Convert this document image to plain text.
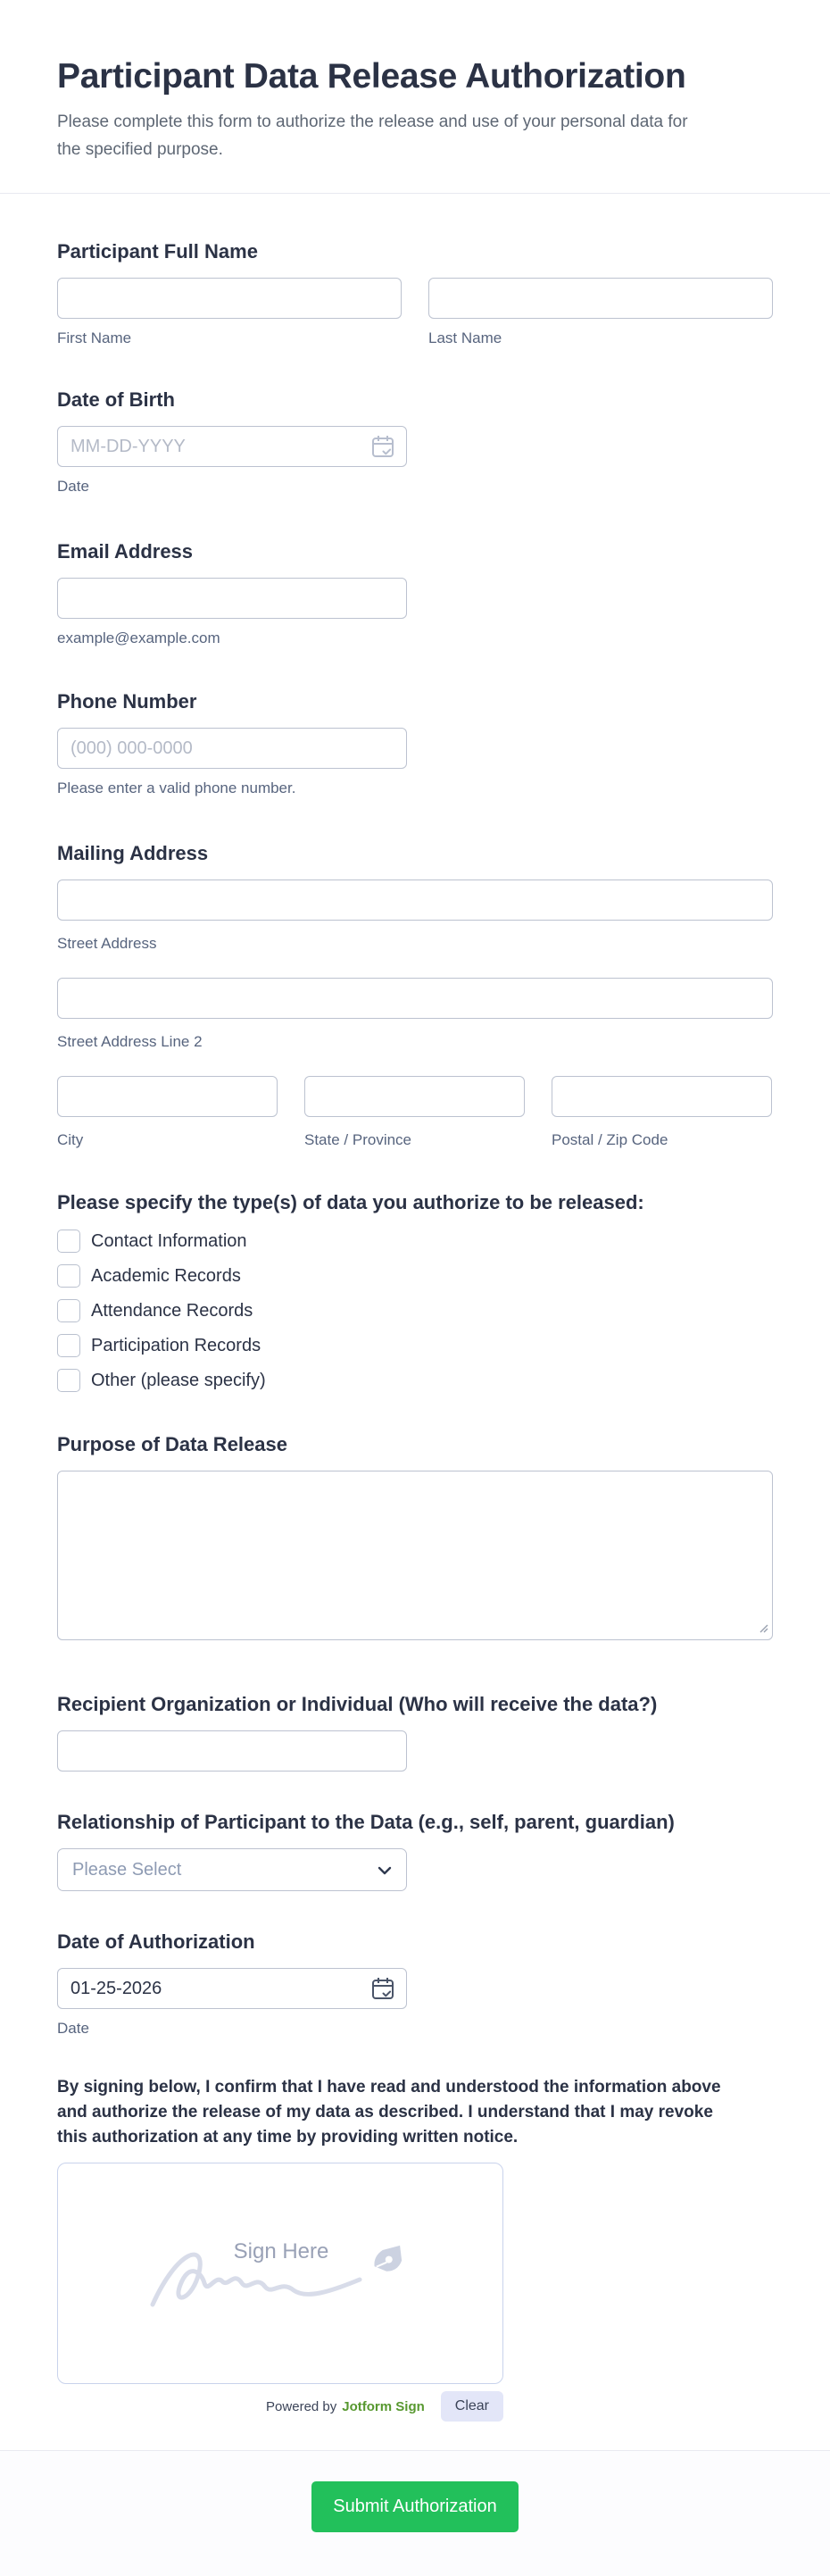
Participant Data Release Authorization
Please complete this form to authorize the release and use of your personal data for
the specified purpose.
Participant Full Name
First Name	Last Name
Date of Birth
MM-DD-YYYY
Date
Email Address
example@example.com
Phone Number
(000) 000-0000
Please enter a valid phone number.
Mailing Address
Street Address
Street Address Line 2
City	State / Province	Postal / Zip Code
Please specify the type(s) of data you authorize to be released:
Contact Information
Academic Records
Attendance Records
Participation Records
Other (please specify)
Purpose of Data Release
Recipient Organization or Individual (Who will receive the data?)
Relationship of Participant to the Data (e.g., self, parent, guardian)
Please Select
Date of Authorization
01-25-2026
Date
By signing below, I confirm that I have read and understood the information above
and authorize the release of my data as described. I understand that I may revoke
this authorization at any time by providing written notice.
Sign Here
Powered by Jotform Sign	Clear
Submit Authorization
